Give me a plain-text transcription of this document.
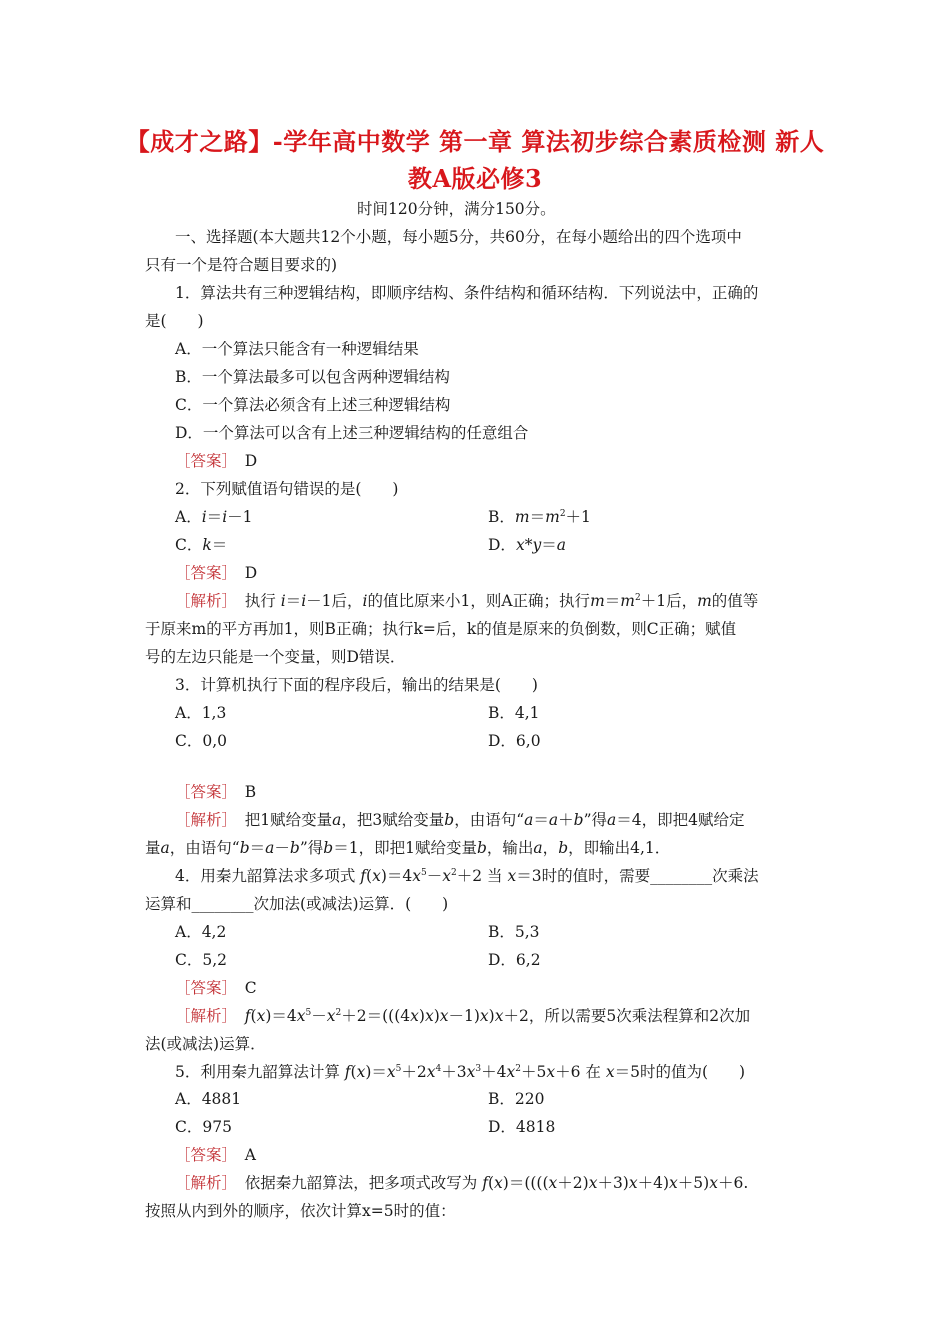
【成才之路】-学年高中数学 第一章 算法初步综合素质检测 新人
教A版必修3
时间120分钟，满分150分。
一、选择题(本大题共12个小题，每小题5分，共60分，在每小题给出的四个选项中
只有一个是符合题目要求的)
1．算法共有三种逻辑结构，即顺序结构、条件结构和循环结构．下列说法中，正确的
是(　　)
A．一个算法只能含有一种逻辑结果
B．一个算法最多可以包含两种逻辑结构
C．一个算法必须含有上述三种逻辑结构
D．一个算法可以含有上述三种逻辑结构的任意组合
［答案］　 D
2．下列赋值语句错误的是(　　)
A．i＝i－1	B．$m=m^2+1$
C．k＝	D．x*y＝a
［答案］　 D
［解析］　执行 i＝i－1后，i的值比原来小1，则A正确；执行$m=m^2+1$后，m的值等
于原来m的平方再加1，则B正确；执行k=后，k的值是原来的负倒数，则C正确；赋值
号的左边只能是一个变量，则D错误．
3．计算机执行下面的程序段后，输出的结果是(　　)
A．1,3	B．4,1
C．0,0	D．6,0
［答案］　 B
［解析］　把1赋给变量a，把3赋给变量b，由语句“a＝a＋b”得a＝4，即把4赋给定
量a，由语句“b＝a－b”得b＝1，即把1赋给变量b，输出a，b，即输出4,1．
4．用秦九韶算法求多项式 $f(x)=4x^5-x^2+2$ 当 x＝3时的值时，需要________次乘法
运算和________次加法(或减法)运算．(　　)
A．4,2	B．5,3
C．5,2	D．6,2
［答案］　 C
［解析］　 $f(x)=4x^5-x^2+2=(((4x)x)x-1)x)x+2$，所以需要5次乘法程算和2次加
法(或减法)运算．
5．利用秦九韶算法计算 $f(x)=x^5+2x^4+3x^3+4x^2+5x+6$ 在 x＝5时的值为(　　)
A．4881	B．220
C．975	D．4818
［答案］　 A
［解析］　依据秦九韶算法，把多项式改写为 f(x)＝((((x＋2)x＋3)x＋4)x＋5)x＋6.
按照从内到外的顺序，依次计算x=5时的值：
